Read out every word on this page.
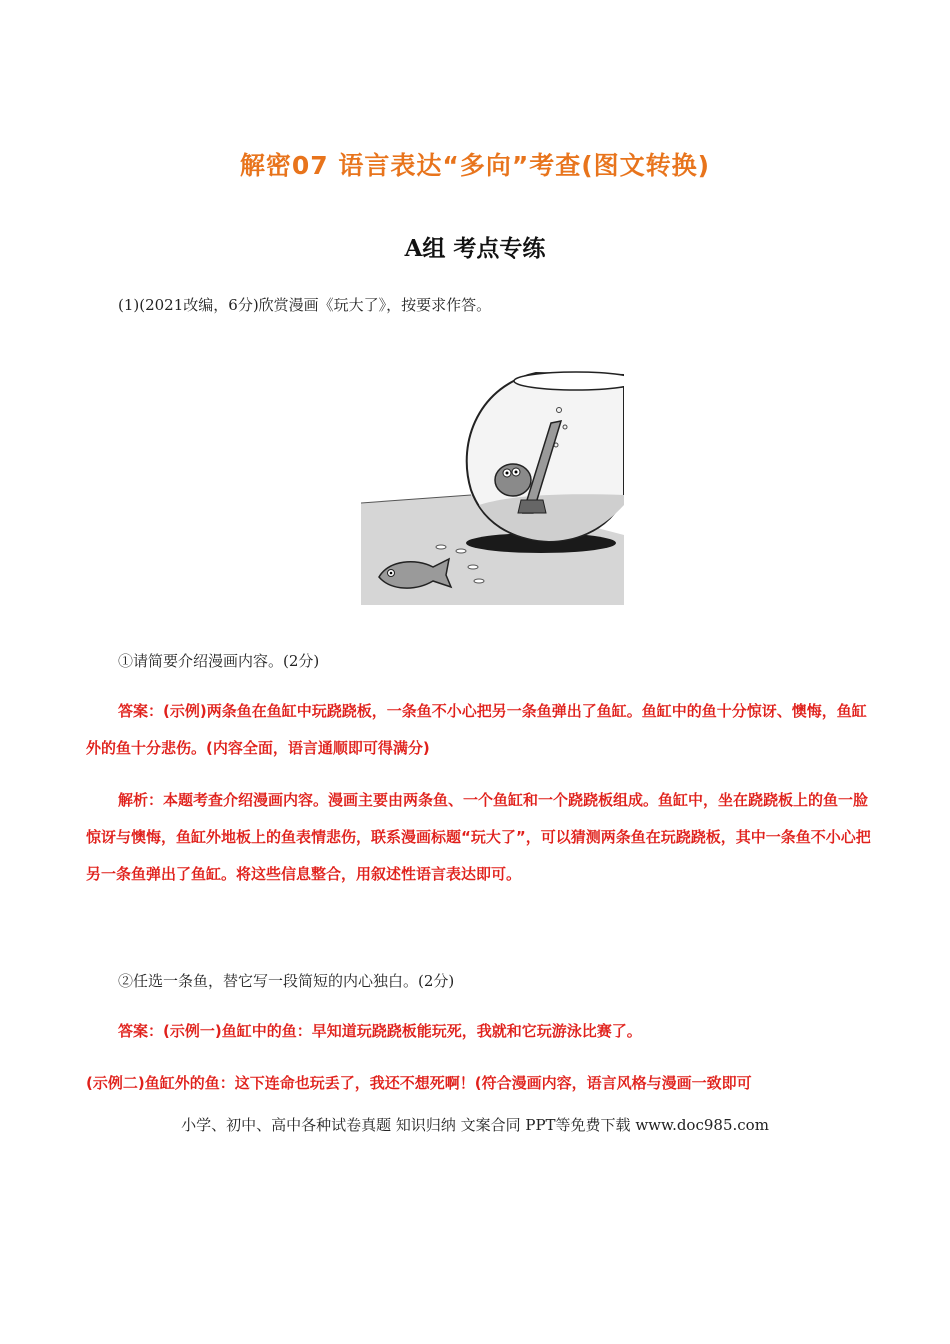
解密07 语言表达“多向”考查(图文转换)
A组 考点专练
(1)(2021改编，6分)欣赏漫画《玩大了》，按要求作答。
①请简要介绍漫画内容。(2分)
答案：(示例)两条鱼在鱼缸中玩跷跷板，一条鱼不小心把另一条鱼弹出了鱼缸。鱼缸中的鱼十分惊讶、懊悔，鱼缸外的鱼十分悲伤。(内容全面，语言通顺即可得满分)
解析：本题考查介绍漫画内容。漫画主要由两条鱼、一个鱼缸和一个跷跷板组成。鱼缸中，坐在跷跷板上的鱼一脸惊讶与懊悔，鱼缸外地板上的鱼表情悲伤，联系漫画标题“玩大了”，可以猜测两条鱼在玩跷跷板，其中一条鱼不小心把另一条鱼弹出了鱼缸。将这些信息整合，用叙述性语言表达即可。
②任选一条鱼，替它写一段简短的内心独白。(2分)
答案：(示例一)鱼缸中的鱼：早知道玩跷跷板能玩死，我就和它玩游泳比赛了。
(示例二)鱼缸外的鱼：这下连命也玩丢了，我还不想死啊！(符合漫画内容，语言风格与漫画一致即可
小学、初中、高中各种试卷真题 知识归纳 文案合同 PPT等免费下载 www.doc985.com
